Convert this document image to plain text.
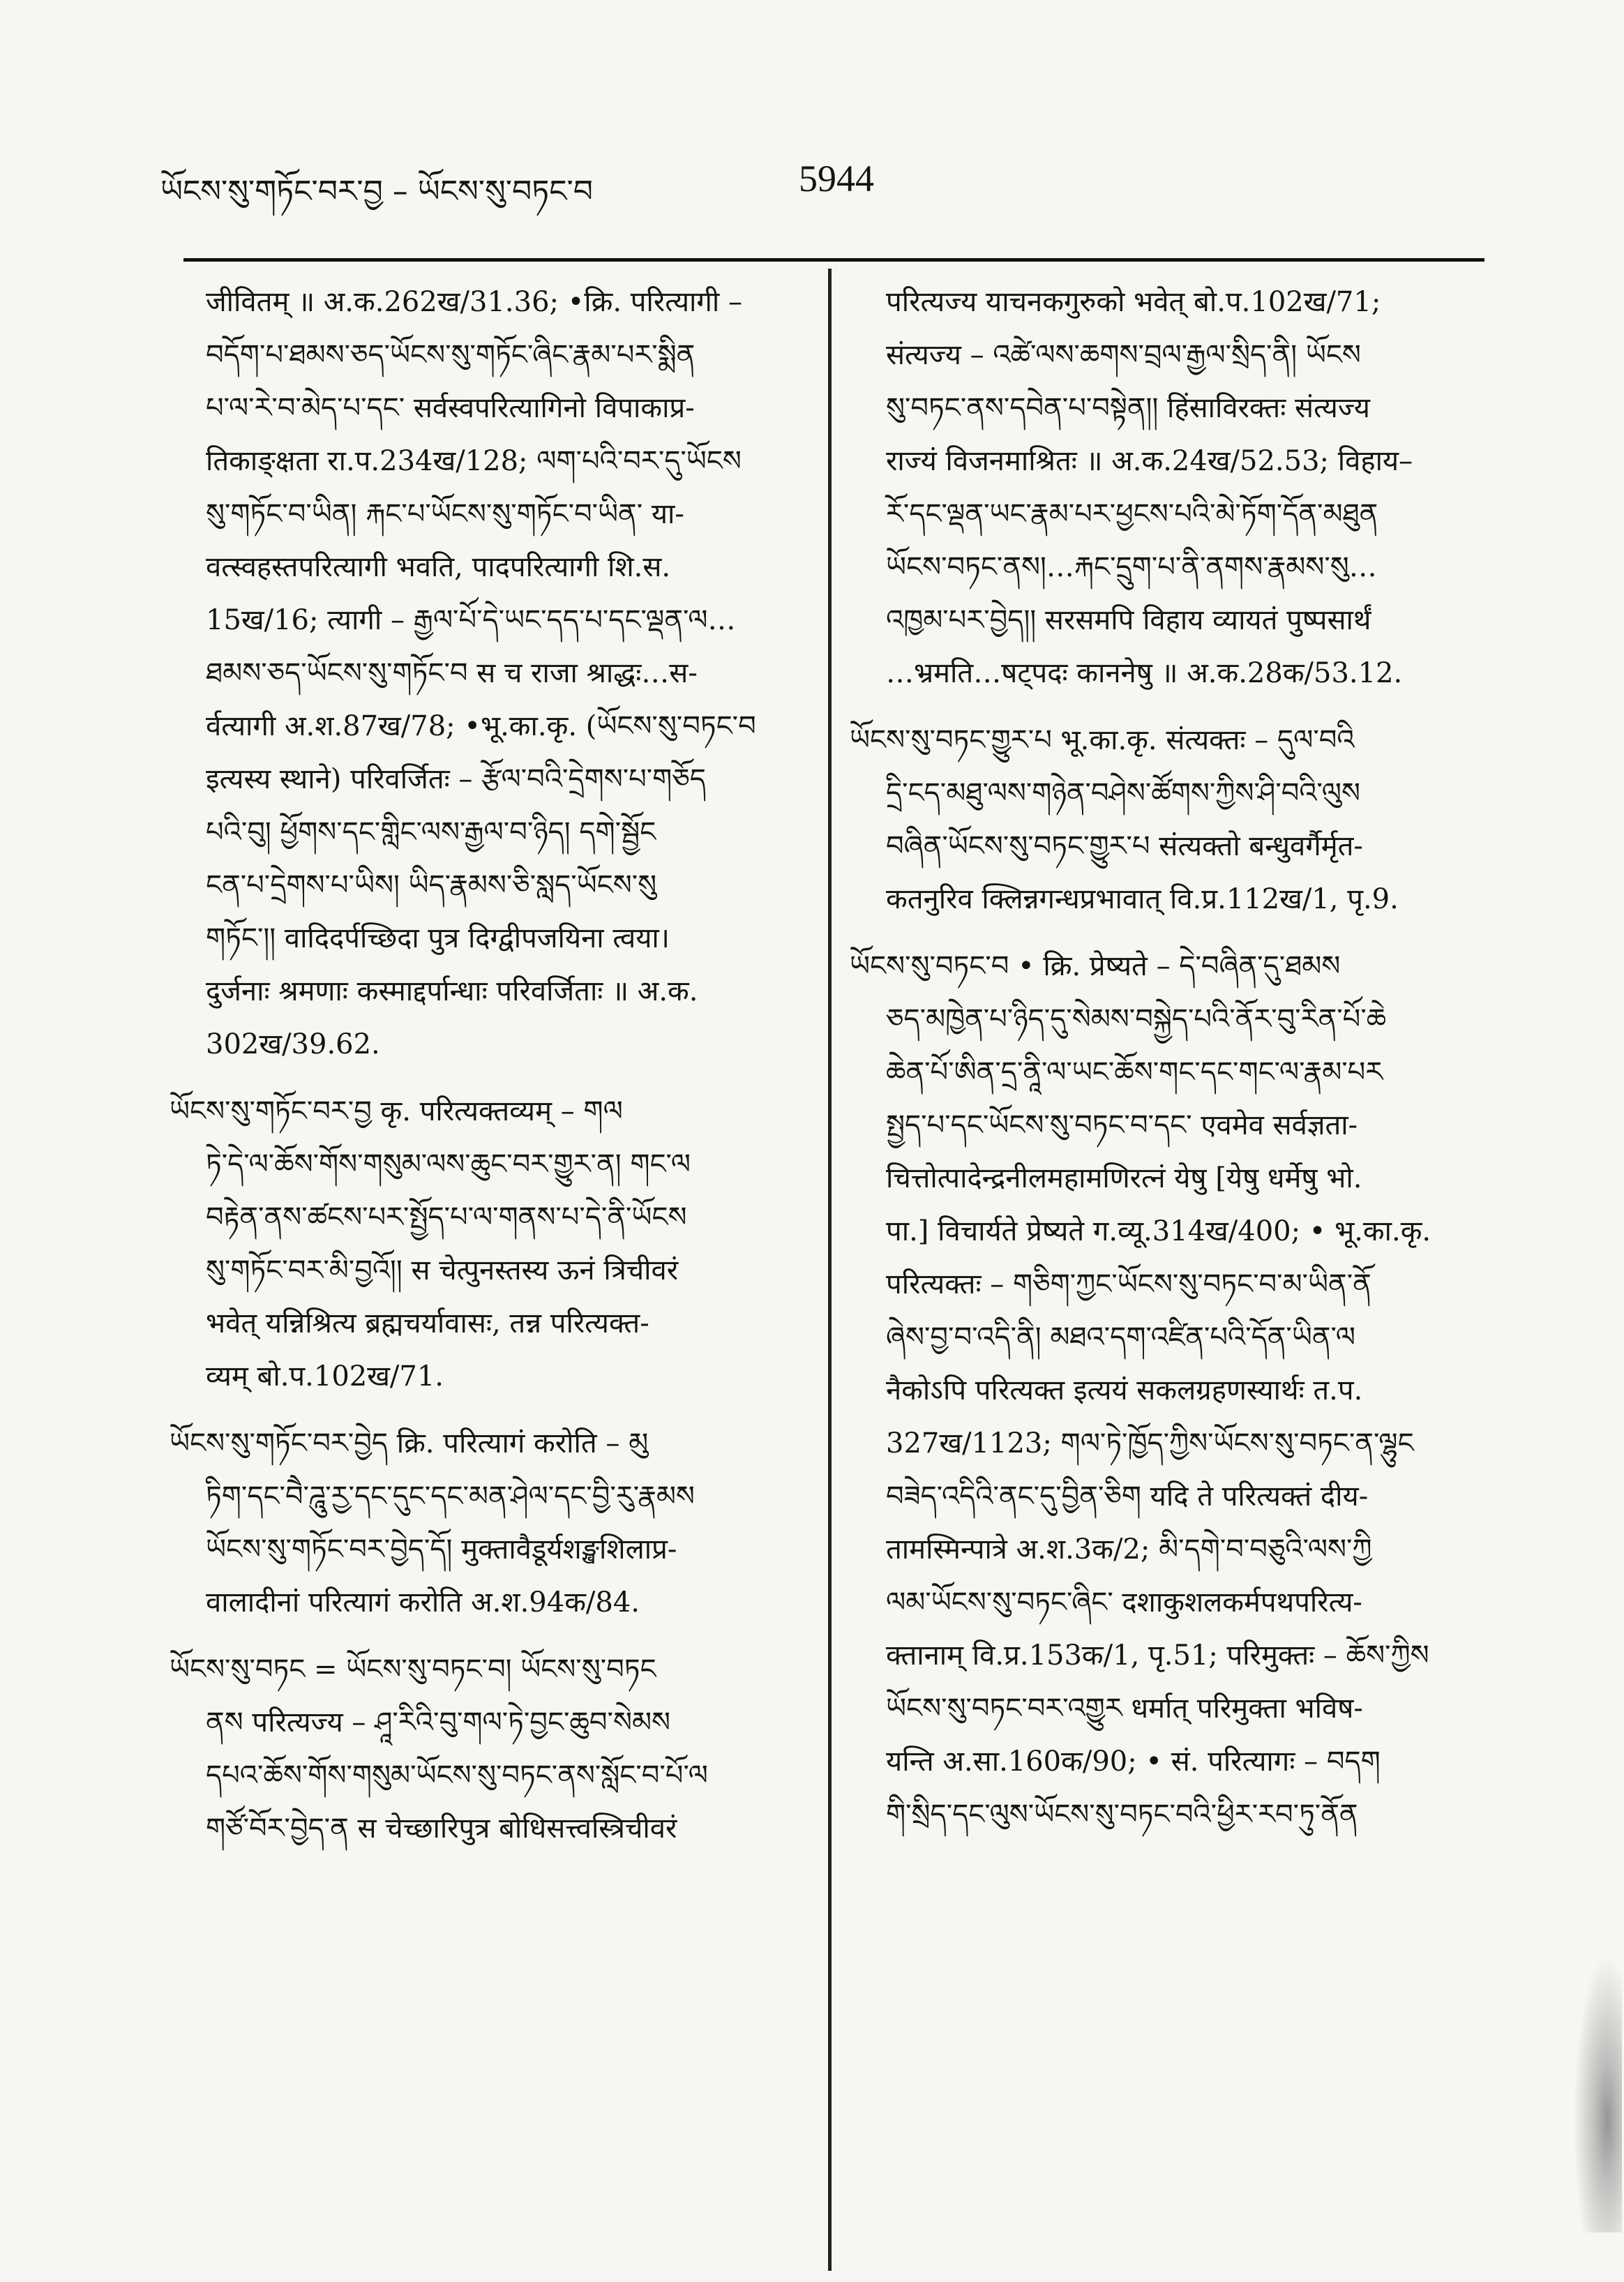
ཡོངས་སུ་གཏོང་བར་བྱ – ཡོངས་སུ་བཏང་བ	5944
जीवितम् ॥ अ.क.262ख/31.36; •क्रि. परित्यागी –
བདོག་པ་ཐམས་ཅད་ཡོངས་སུ་གཏོང་ཞིང་རྣམ་པར་སྨིན
པ་ལ་རེ་བ་མེད་པ་དང་ सर्वस्वपरित्यागिनो विपाकाप्र-
तिकाङ्क्षता रा.प.234ख/128; ལག་པའི་བར་དུ་ཡོངས
སུ་གཏོང་བ་ཡིན། རྐང་པ་ཡོངས་སུ་གཏོང་བ་ཡིན་ या-
वत्स्वहस्तपरित्यागी भवति, पादपरित्यागी शि.स.
15ख/16; त्यागी – རྒྱལ་པོ་དེ་ཡང་དད་པ་དང་ལྡན་ལ…
ཐམས་ཅད་ཡོངས་སུ་གཏོང་བ स च राजा श्राद्धः…स-
र्वत्यागी अ.श.87ख/78; •भू.का.कृ. (ཡོངས་སུ་བཏང་བ
इत्यस्य स्थाने) परिवर्जितः – རྩོལ་བའི་དྲེགས་པ་གཅོད
པའི་བུ། ཕྱོགས་དང་གླིང་ལས་རྒྱལ་བ་ཉིད། དགེ་སྦྱོང
ངན་པ་དྲེགས་པ་ཡིས། ཡིད་རྣམས་ཅི་སླད་ཡོངས་སུ
གཏོང་།། वादिदर्पच्छिदा पुत्र दिग्द्वीपजयिना त्वया।
दुर्जनाः श्रमणाः कस्माद्दर्पान्धाः परिवर्जिताः ॥ अ.क.
302ख/39.62.
ཡོངས་སུ་གཏོང་བར་བྱ कृ. परित्यक्तव्यम् – གལ
ཏེ་དེ་ལ་ཆོས་གོས་གསུམ་ལས་ཆུང་བར་གྱུར་ན། གང་ལ
བརྟེན་ནས་ཚངས་པར་སྤྱོད་པ་ལ་གནས་པ་དེ་ནི་ཡོངས
སུ་གཏོང་བར་མི་བྱའོ།། स चेत्पुनस्तस्य ऊनं त्रिचीवरं
भवेत् यन्निश्रित्य ब्रह्मचर्यावासः, तन्न परित्यक्त-
व्यम् बो.प.102ख/71.
ཡོངས་སུ་གཏོང་བར་བྱེད क्रि. परित्यागं करोति – མུ
ཏིག་དང་བཻ་ཌཱུ་རྱ་དང་དུང་དང་མན་ཤེལ་དང་བྱི་རུ་རྣམས
ཡོངས་སུ་གཏོང་བར་བྱེད་དོ། मुक्तावैडूर्यशङ्खशिलाप्र-
वालादीनां परित्यागं करोति अ.श.94क/84.
ཡོངས་སུ་བཏང = ཡོངས་སུ་བཏང་བ། ཡོངས་སུ་བཏང
ནས परित्यज्य – ཤཱ་རིའི་བུ་གལ་ཏེ་བྱང་ཆུབ་སེམས
དཔའ་ཆོས་གོས་གསུམ་ཡོངས་སུ་བཏང་ནས་སློང་བ་པོ་ལ
གཙོ་བོར་བྱེད་ན स चेच्छारिपुत्र बोधिसत्त्वस्त्रिचीवरं
परित्यज्य याचनकगुरुको भवेत् बो.प.102ख/71;
संत्यज्य – འཚེ་ལས་ཆགས་བྲལ་རྒྱལ་སྲིད་ནི། ཡོངས
སུ་བཏང་ནས་དབེན་པ་བསྟེན།། हिंसाविरक्तः संत्यज्य
राज्यं विजनमाश्रितः ॥ अ.क.24ख/52.53; विहाय–
རོ་དང་ལྡན་ཡང་རྣམ་པར་ཕྱངས་པའི་མེ་ཏོག་དོན་མཐུན
ཡོངས་བཏང་ནས།…རྐང་དྲུག་པ་ནི་ནགས་རྣམས་སུ…
འཁྱམ་པར་བྱེད།། सरसमपि विहाय व्यायतं पुष्पसार्थं
…भ्रमति…षट्पदः काननेषु ॥ अ.क.28क/53.12.
ཡོངས་སུ་བཏང་གྱུར་པ भू.का.कृ. संत्यक्तः – དུལ་བའི
དྲི་ངད་མཐུ་ལས་གཉེན་བཤེས་ཚོགས་ཀྱིས་ཤི་བའི་ལུས
བཞིན་ཡོངས་སུ་བཏང་གྱུར་པ संत्यक्तो बन्धुवर्गैर्मृत-
कतनुरिव क्लिन्नगन्धप्रभावात् वि.प्र.112ख/1, पृ.9.
ཡོངས་སུ་བཏང་བ • क्रि. प्रेष्यते – དེ་བཞིན་དུ་ཐམས
ཅད་མཁྱེན་པ་ཉིད་དུ་སེམས་བསྐྱེད་པའི་ནོར་བུ་རིན་པོ་ཆེ
ཆེན་པོ་ཨིན་དྲ་ནཱི་ལ་ཡང་ཆོས་གང་དང་གང་ལ་རྣམ་པར
སྤྱད་པ་དང་ཡོངས་སུ་བཏང་བ་དང་ एवमेव सर्वज्ञता-
चित्तोत्पादेन्द्रनीलमहामणिरत्नं येषु [येषु धर्मेषु भो.
पा.] विचार्यते प्रेष्यते ग.व्यू.314ख/400; • भू.का.कृ.
परित्यक्तः – གཅིག་ཀྱང་ཡོངས་སུ་བཏང་བ་མ་ཡིན་ནོ
ཞེས་བྱ་བ་འདི་ནི། མཐའ་དག་འཛིན་པའི་དོན་ཡིན་ལ
नैकोऽपि परित्यक्त इत्ययं सकलग्रहणस्यार्थः त.प.
327ख/1123; གལ་ཏེ་ཁྱོད་ཀྱིས་ཡོངས་སུ་བཏང་ན་ལྷུང
བཟེད་འདིའི་ནང་དུ་བྱིན་ཅིག यदि ते परित्यक्तं दीय-
तामस्मिन्पात्रे अ.श.3क/2; མི་དགེ་བ་བཅུའི་ལས་ཀྱི
ལམ་ཡོངས་སུ་བཏང་ཞིང་ दशाकुशलकर्मपथपरित्य-
क्तानाम् वि.प्र.153क/1, पृ.51; परिमुक्तः – ཆོས་ཀྱིས
ཡོངས་སུ་བཏང་བར་འགྱུར धर्मात् परिमुक्ता भविष-
यन्ति अ.सा.160क/90; • सं. परित्यागः – བདག
གི་སྲིད་དང་ལུས་ཡོངས་སུ་བཏང་བའི་ཕྱིར་རབ་ཏུ་ནོན
